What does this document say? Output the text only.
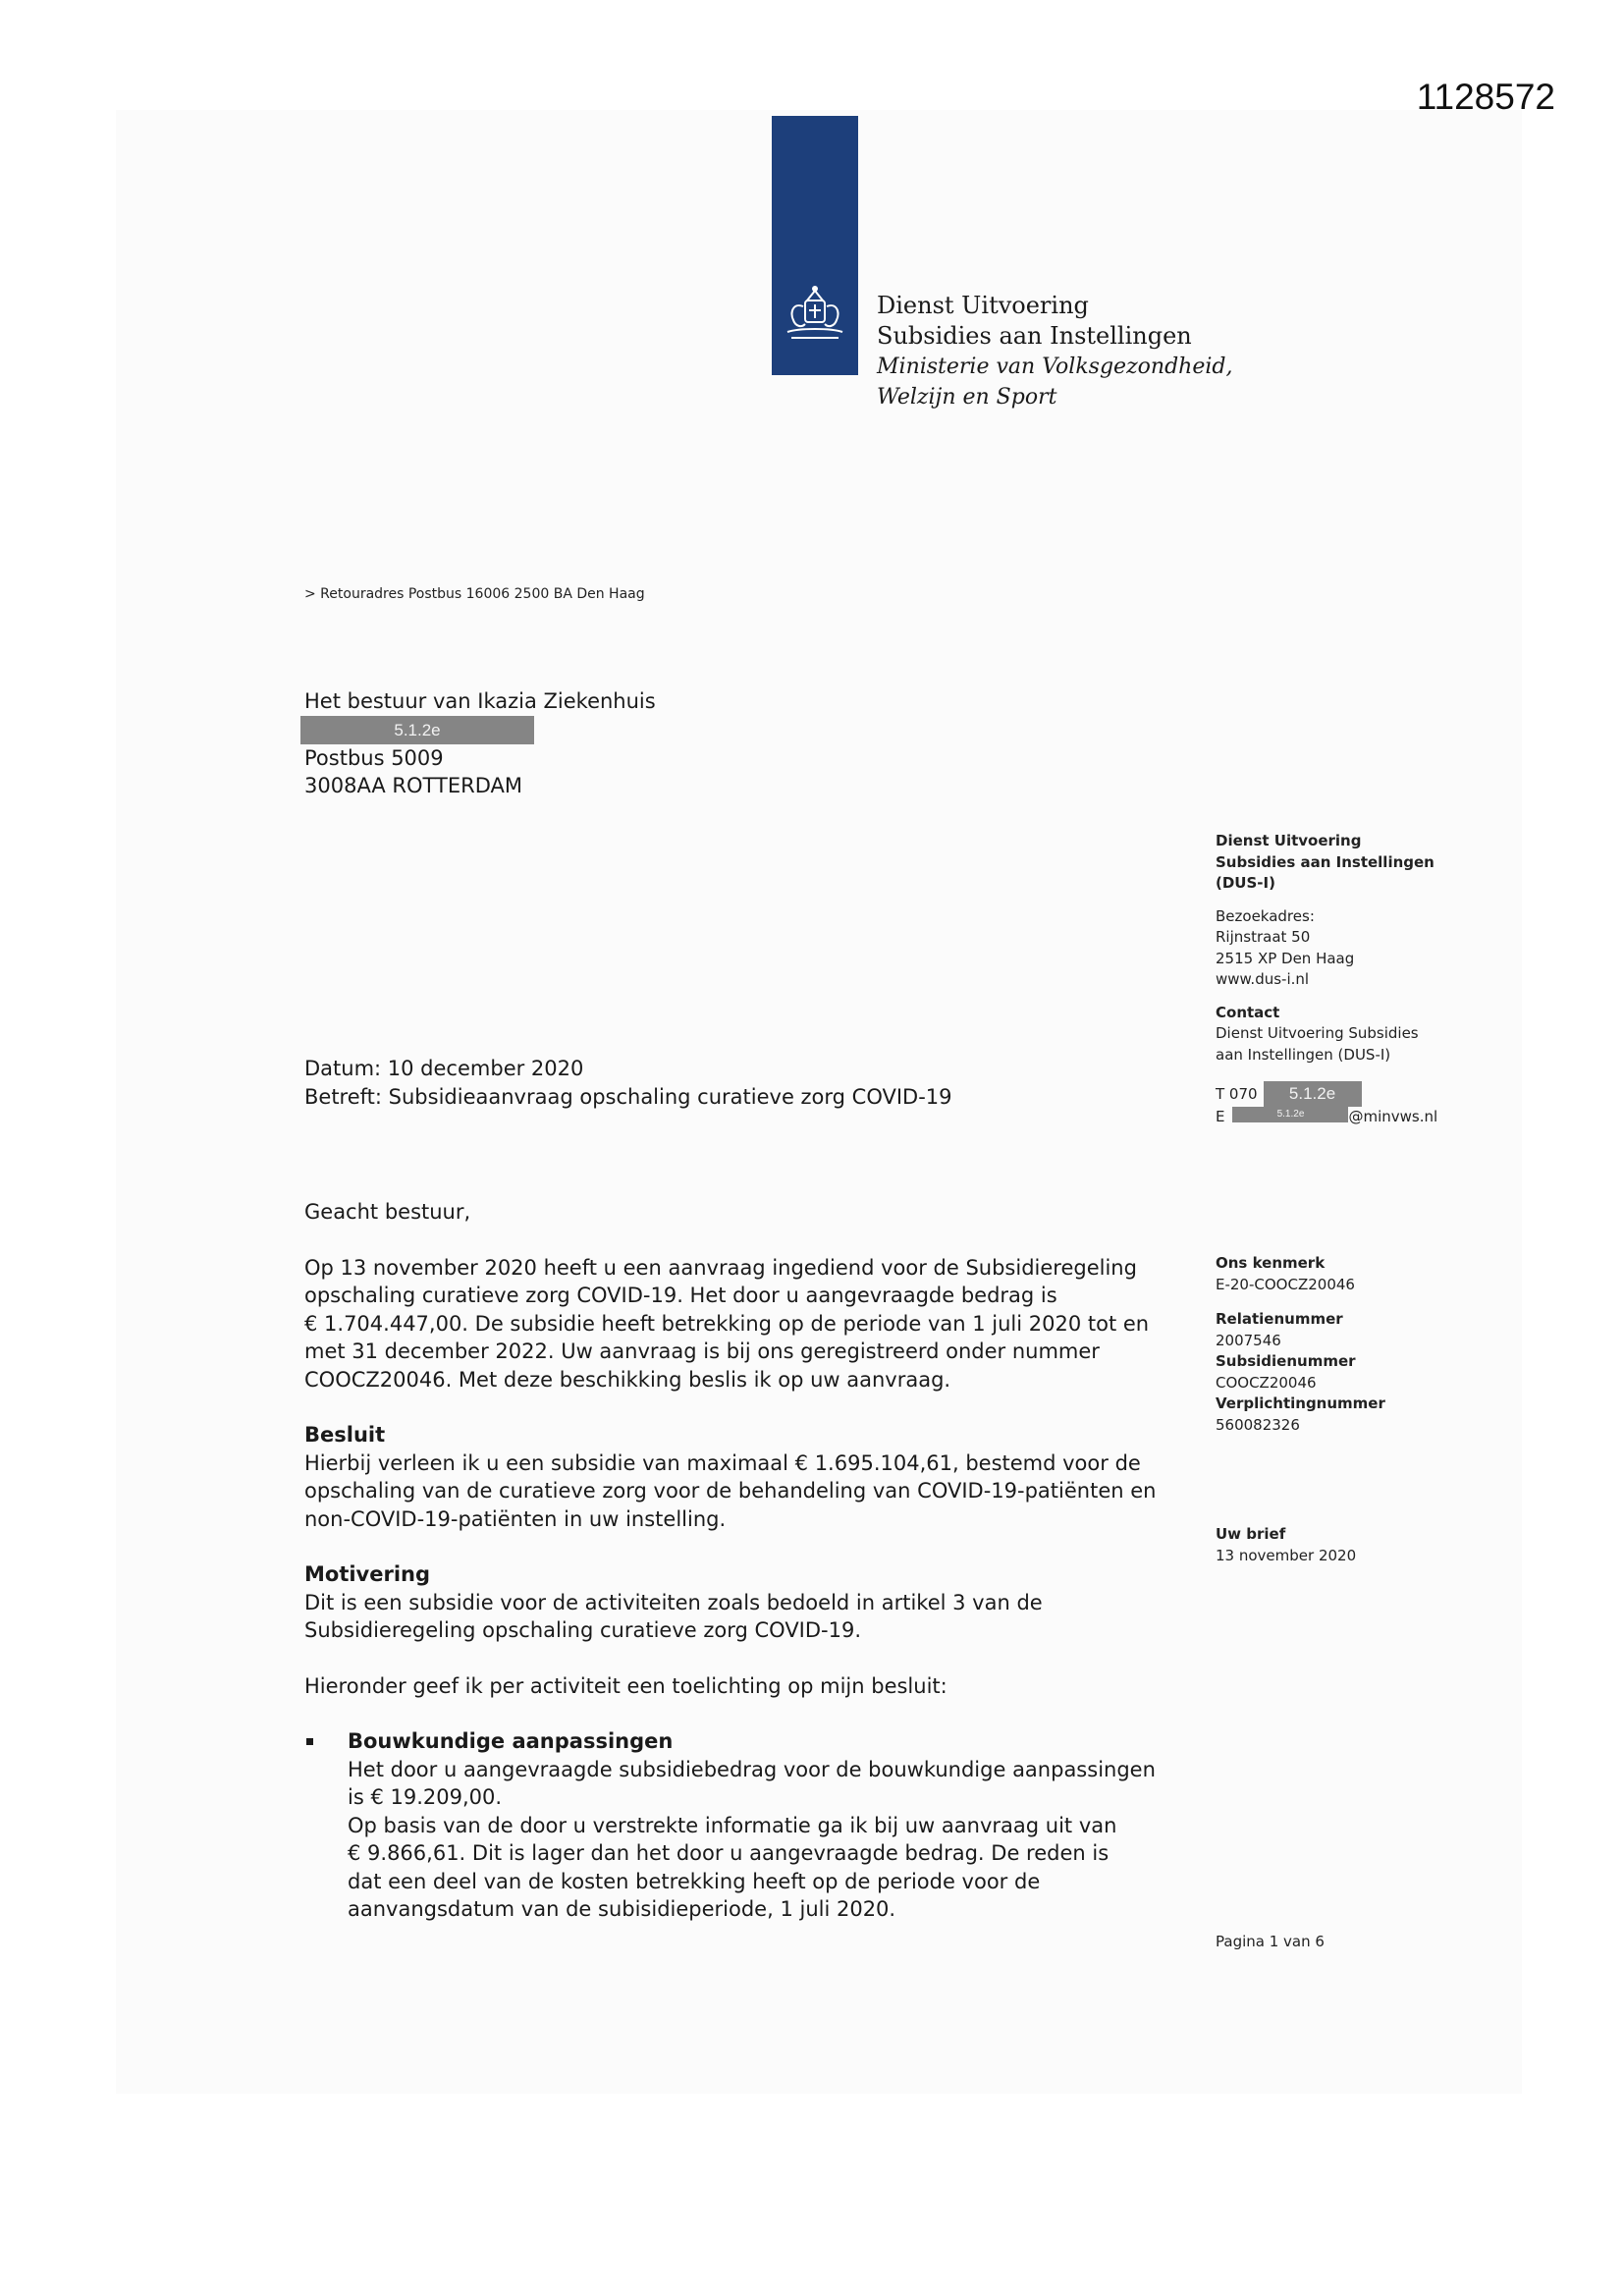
1128572
Dienst Uitvoering
Subsidies aan Instellingen
Ministerie van Volksgezondheid,
Welzijn en Sport
> Retouradres Postbus 16006 2500 BA Den Haag
Het bestuur van Ikazia Ziekenhuis
5.1.2e
Postbus 5009
3008AA ROTTERDAM
Dienst Uitvoering
Subsidies aan Instellingen
(DUS-I)
Bezoekadres:
Rijnstraat 50
2515 XP Den Haag
www.dus-i.nl
Contact
Dienst Uitvoering Subsidies
aan Instellingen (DUS-I)
T 070 5.1.2e
E	5.1.2e	@minvws.nl
Datum: 10 december 2020
Betreft: Subsidieaanvraag opschaling curatieve zorg COVID-19
Ons kenmerk
E-20-COOCZ20046
Relatienummer
2007546
Subsidienummer
COOCZ20046
Verplichtingnummer
560082326
Uw brief
13 november 2020

Geacht bestuur,

Op 13 november 2020 heeft u een aanvraag ingediend voor de Subsidieregeling

opschaling curatieve zorg COVID-19. Het door u aangevraagde bedrag is

€ 1.704.447,00. De subsidie heeft betrekking op de periode van 1 juli 2020 tot en

met 31 december 2022. Uw aanvraag is bij ons geregistreerd onder nummer

COOCZ20046. Met deze beschikking beslis ik op uw aanvraag.

Besluit

Hierbij verleen ik u een subsidie van maximaal € 1.695.104,61, bestemd voor de

opschaling van de curatieve zorg voor de behandeling van COVID-19-patiënten en

non-COVID-19-patiënten in uw instelling.

Motivering

Dit is een subsidie voor de activiteiten zoals bedoeld in artikel 3 van de

Subsidieregeling opschaling curatieve zorg COVID-19.

Hieronder geef ik per activiteit een toelichting op mijn besluit:

Bouwkundige aanpassingen

Het door u aangevraagde subsidiebedrag voor de bouwkundige aanpassingen

is € 19.209,00.

Op basis van de door u verstrekte informatie ga ik bij uw aanvraag uit van

€ 9.866,61. Dit is lager dan het door u aangevraagde bedrag. De reden is

dat een deel van de kosten betrekking heeft op de periode voor de

aanvangsdatum van de subisidieperiode, 1 juli 2020.

Pagina 1 van 6
